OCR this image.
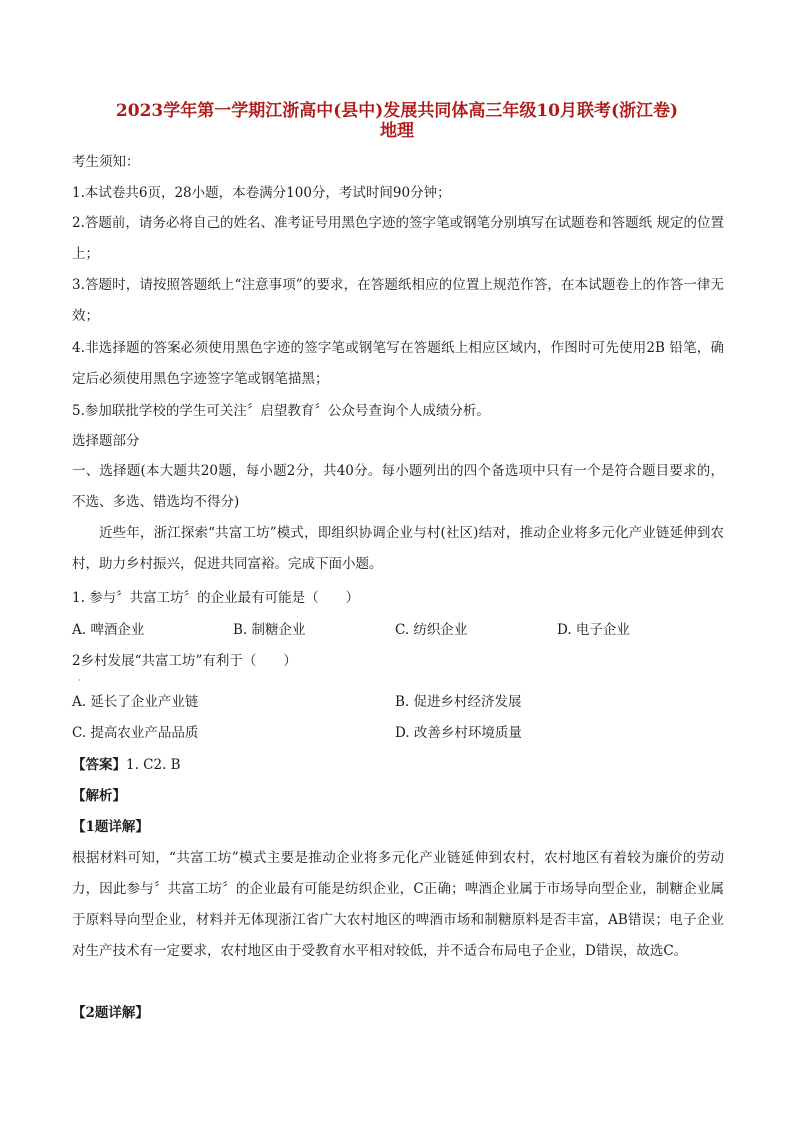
2023学年第一学期江浙高中(县中)发展共同体高三年级10月联考(浙江卷)
地理
考生须知：
1.本试卷共6页，28小题，本卷满分100分，考试时间90分钟；
2.答题前，请务必将自己的姓名、准考证号用黑色字迹的签字笔或钢笔分别填写在试题卷和答题纸 规定的位置上；
3.答题时，请按照答题纸上“注意事项”的要求，在答题纸相应的位置上规范作答，在本试题卷上的作答一律无效；
4.非选择题的答案必须使用黑色字迹的签字笔或钢笔写在答题纸上相应区域内，作图时可先使用2B 铅笔，确定后必须使用黑色字迹签字笔或钢笔描黑；
5.参加联批学校的学生可关注〞启望教育〞公众号查询个人成绩分析。
选择题部分
一、选择题(本大题共20题，每小题2分，共40分。每小题列出的四个备选项中只有一个是符合题目要求的，不选、多选、错选均不得分)
近些年，浙江探索“共富工坊”模式，即组织协调企业与村(社区)结对，推动企业将多元化产业链延伸到农村，助力乡村振兴，促进共同富裕。完成下面小题。
1. 参与〞共富工坊〞的企业最有可能是（　　）
A. 啤酒企业	B. 制糖企业	C. 纺织企业	D. 电子企业
2乡村发展“共富工坊”有利于（　　）
·
A. 延长了企业产业链	B. 促进乡村经济发展
C. 提高农业产品品质	D. 改善乡村环境质量
【答案】1. C2. B
【解析】
【1题详解】
根据材料可知，“共富工坊”模式主要是推动企业将多元化产业链延伸到农村，农村地区有着较为廉价的劳动力，因此参与〞共富工坊〞的企业最有可能是纺织企业，C正确；啤酒企业属于市场导向型企业，制糖企业属于原料导向型企业，材料并无体现浙江省广大农村地区的啤酒市场和制糖原料是否丰富，AB错误；电子企业对生产技术有一定要求，农村地区由于受教育水平相对较低，并不适合布局电子企业，D错误，故选C。
【2题详解】
